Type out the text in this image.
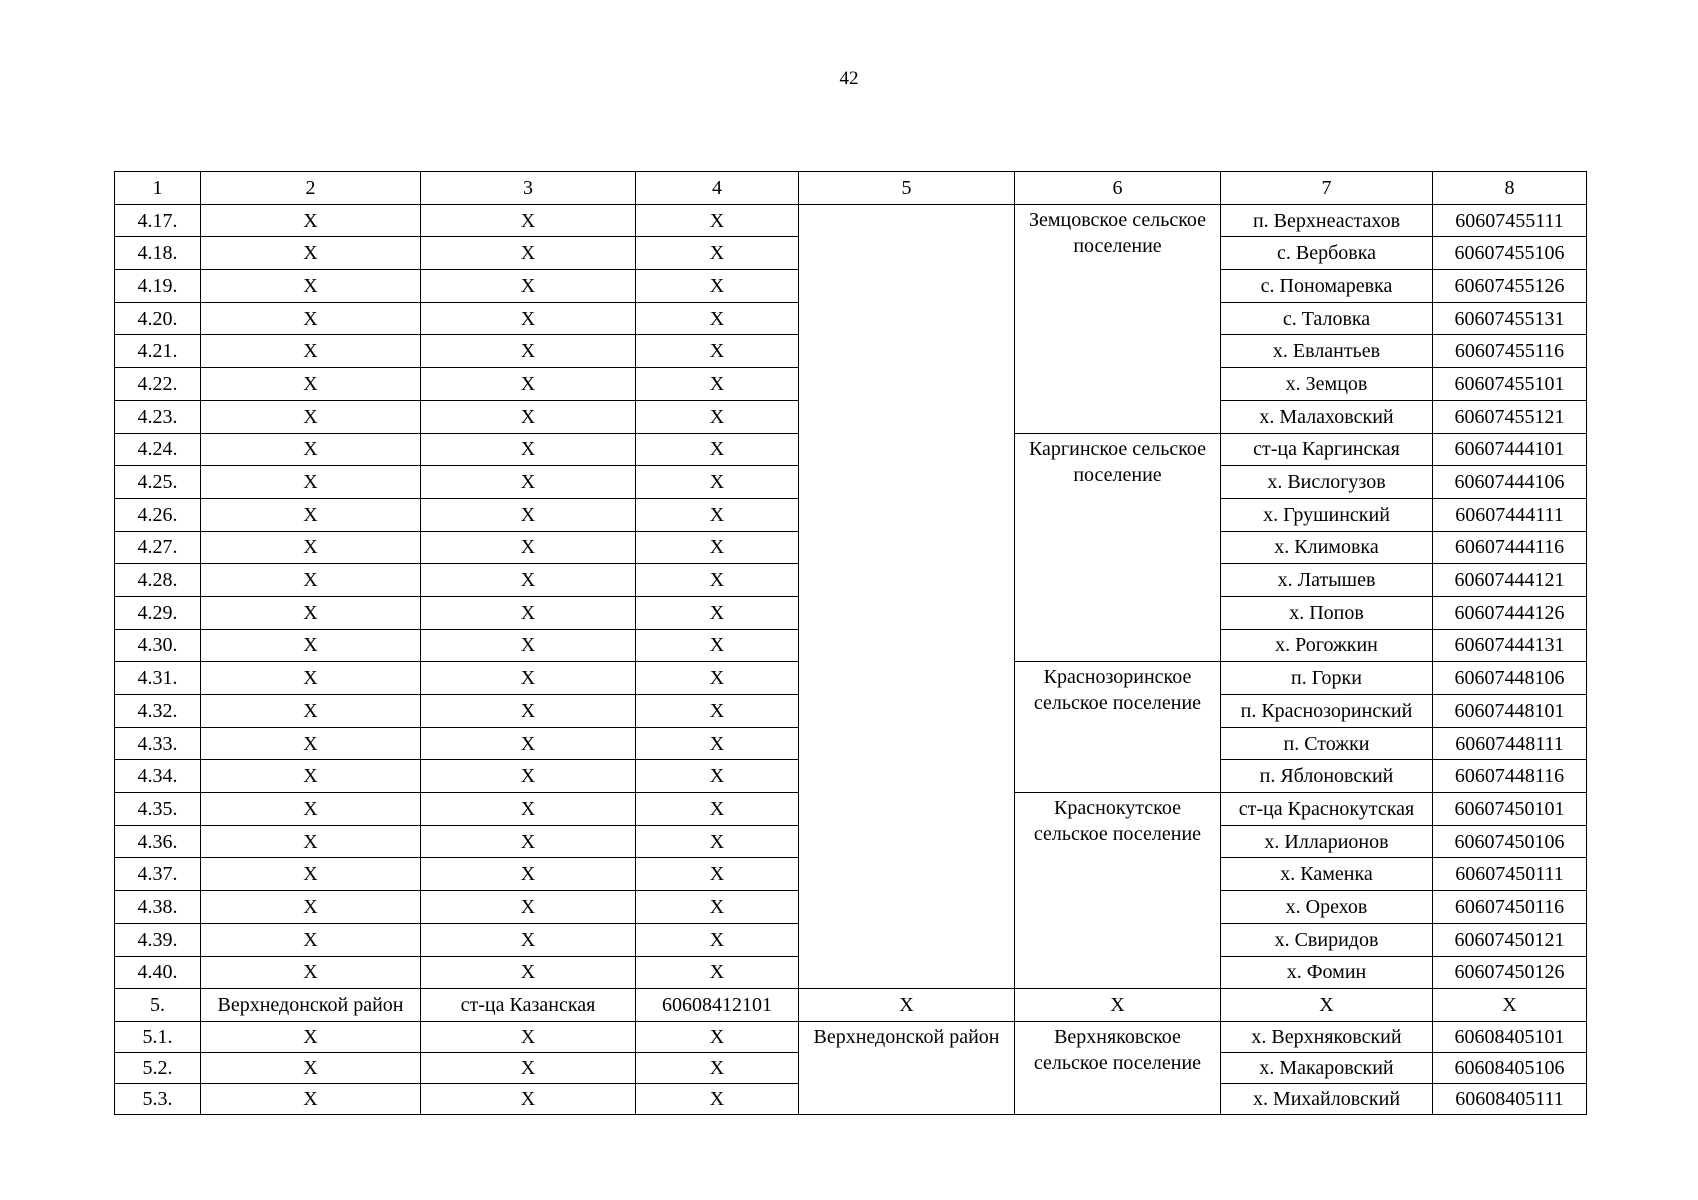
42
1	2	3	4	5	6	7	8
4.17.	X	X	X		Земцовское сельское поселение	п. Верхнеастахов	60607455111
4.18.	X	X	X			с. Вербовка	60607455106
4.19.	X	X	X			с. Пономаревка	60607455126
4.20.	X	X	X			с. Таловка	60607455131
4.21.	X	X	X			х. Евлантьев	60607455116
4.22.	X	X	X			х. Земцов	60607455101
4.23.	X	X	X			х. Малаховский	60607455121
4.24.	X	X	X		Каргинское сельское поселение	ст-ца Каргинская	60607444101
4.25.	X	X	X			х. Вислогузов	60607444106
4.26.	X	X	X			х. Грушинский	60607444111
4.27.	X	X	X			х. Климовка	60607444116
4.28.	X	X	X			х. Латышев	60607444121
4.29.	X	X	X			х. Попов	60607444126
4.30.	X	X	X			х. Рогожкин	60607444131
4.31.	X	X	X		Краснозоринское сельское поселение	п. Горки	60607448106
4.32.	X	X	X			п. Краснозоринский	60607448101
4.33.	X	X	X			п. Стожки	60607448111
4.34.	X	X	X			п. Яблоновский	60607448116
4.35.	X	X	X		Краснокутское сельское поселение	ст-ца Краснокутская	60607450101
4.36.	X	X	X			х. Илларионов	60607450106
4.37.	X	X	X			х. Каменка	60607450111
4.38.	X	X	X			х. Орехов	60607450116
4.39.	X	X	X			х. Свиридов	60607450121
4.40.	X	X	X			х. Фомин	60607450126
5.	Верхнедонской район	ст-ца Казанская	60608412101	X	X	X	X
5.1.	X	X	X	Верхнедонской район	Верхняковское сельское поселение	х. Верхняковский	60608405101
5.2.	X	X	X			х. Макаровский	60608405106
5.3.	X	X	X			х. Михайловский	60608405111
